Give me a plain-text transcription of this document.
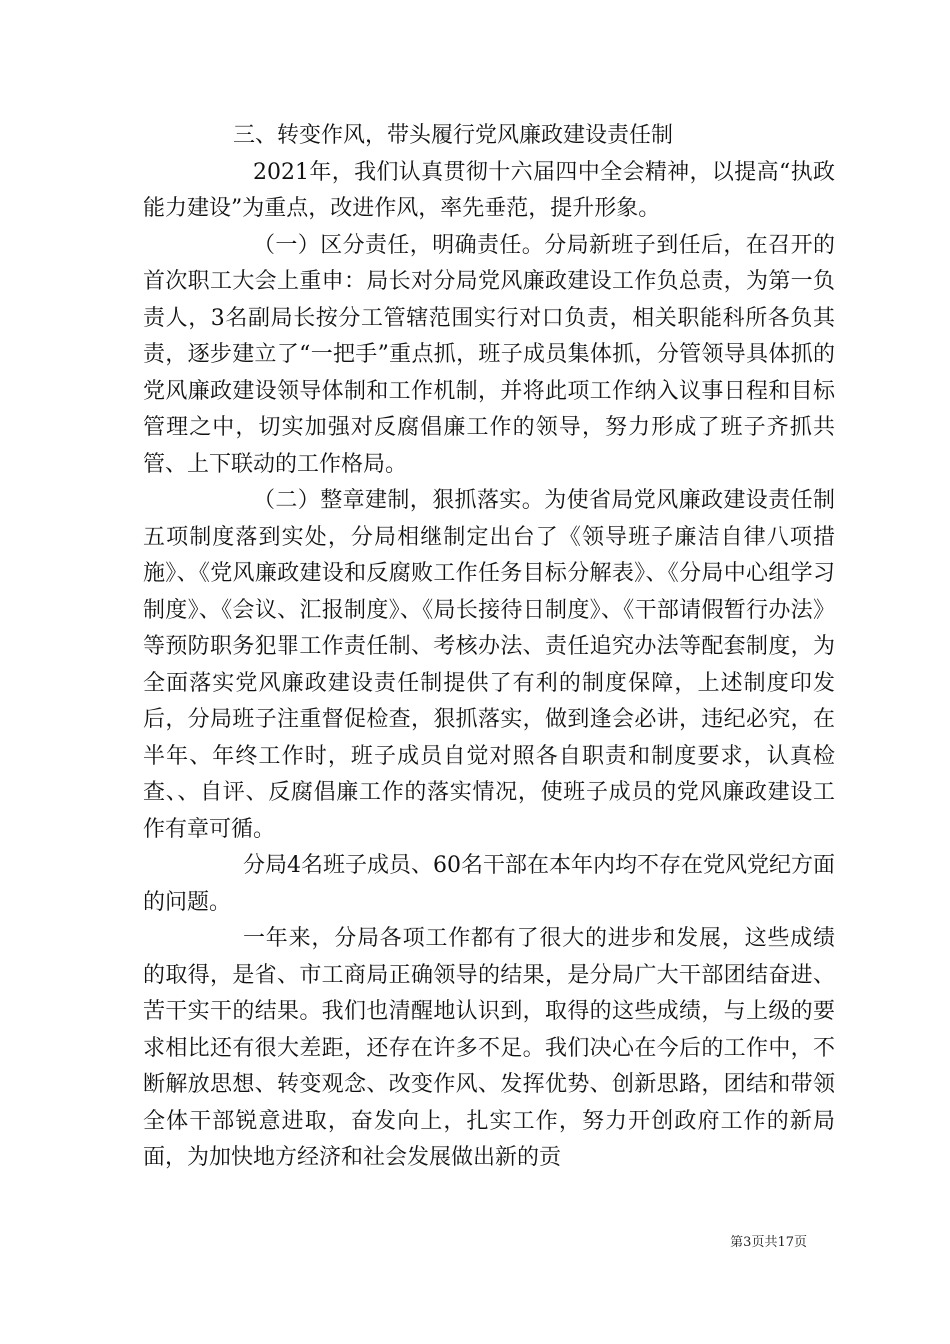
三、转变作风，带头履行党风廉政建设责任制

2021年，我们认真贯彻十六届四中全会精神，以提高“执政能力建设”为重点，改进作风，率先垂范，提升形象。

（一）区分责任，明确责任。分局新班子到任后，在召开的首次职工大会上重申：局长对分局党风廉政建设工作负总责，为第一负责人，3名副局长按分工管辖范围实行对口负责，相关职能科所各负其责，逐步建立了“一把手”重点抓，班子成员集体抓，分管领导具体抓的党风廉政建设领导体制和工作机制，并将此项工作纳入议事日程和目标管理之中，切实加强对反腐倡廉工作的领导，努力形成了班子齐抓共管、上下联动的工作格局。

（二）整章建制，狠抓落实。为使省局党风廉政建设责任制五项制度落到实处，分局相继制定出台了《领导班子廉洁自律八项措施》、《党风廉政建设和反腐败工作任务目标分解表》、《分局中心组学习制度》、《会议、汇报制度》、《局长接待日制度》、《干部请假暂行办法》等预防职务犯罪工作责任制、考核办法、责任追究办法等配套制度，为全面落实党风廉政建设责任制提供了有利的制度保障，上述制度印发后，分局班子注重督促检查，狠抓落实，做到逢会必讲，违纪必究，在半年、年终工作时，班子成员自觉对照各自职责和制度要求，认真检查、、自评、反腐倡廉工作的落实情况，使班子成员的党风廉政建设工作有章可循。

分局4名班子成员、60名干部在本年内均不存在党风党纪方面的问题。

一年来，分局各项工作都有了很大的进步和发展，这些成绩的取得，是省、市工商局正确领导的结果，是分局广大干部团结奋进、苦干实干的结果。我们也清醒地认识到，取得的这些成绩，与上级的要求相比还有很大差距，还存在许多不足。我们决心在今后的工作中，不断解放思想、转变观念、改变作风、发挥优势、创新思路，团结和带领全体干部锐意进取，奋发向上，扎实工作，努力开创政府工作的新局面，为加快地方经济和社会发展做出新的贡

第3页共17页
